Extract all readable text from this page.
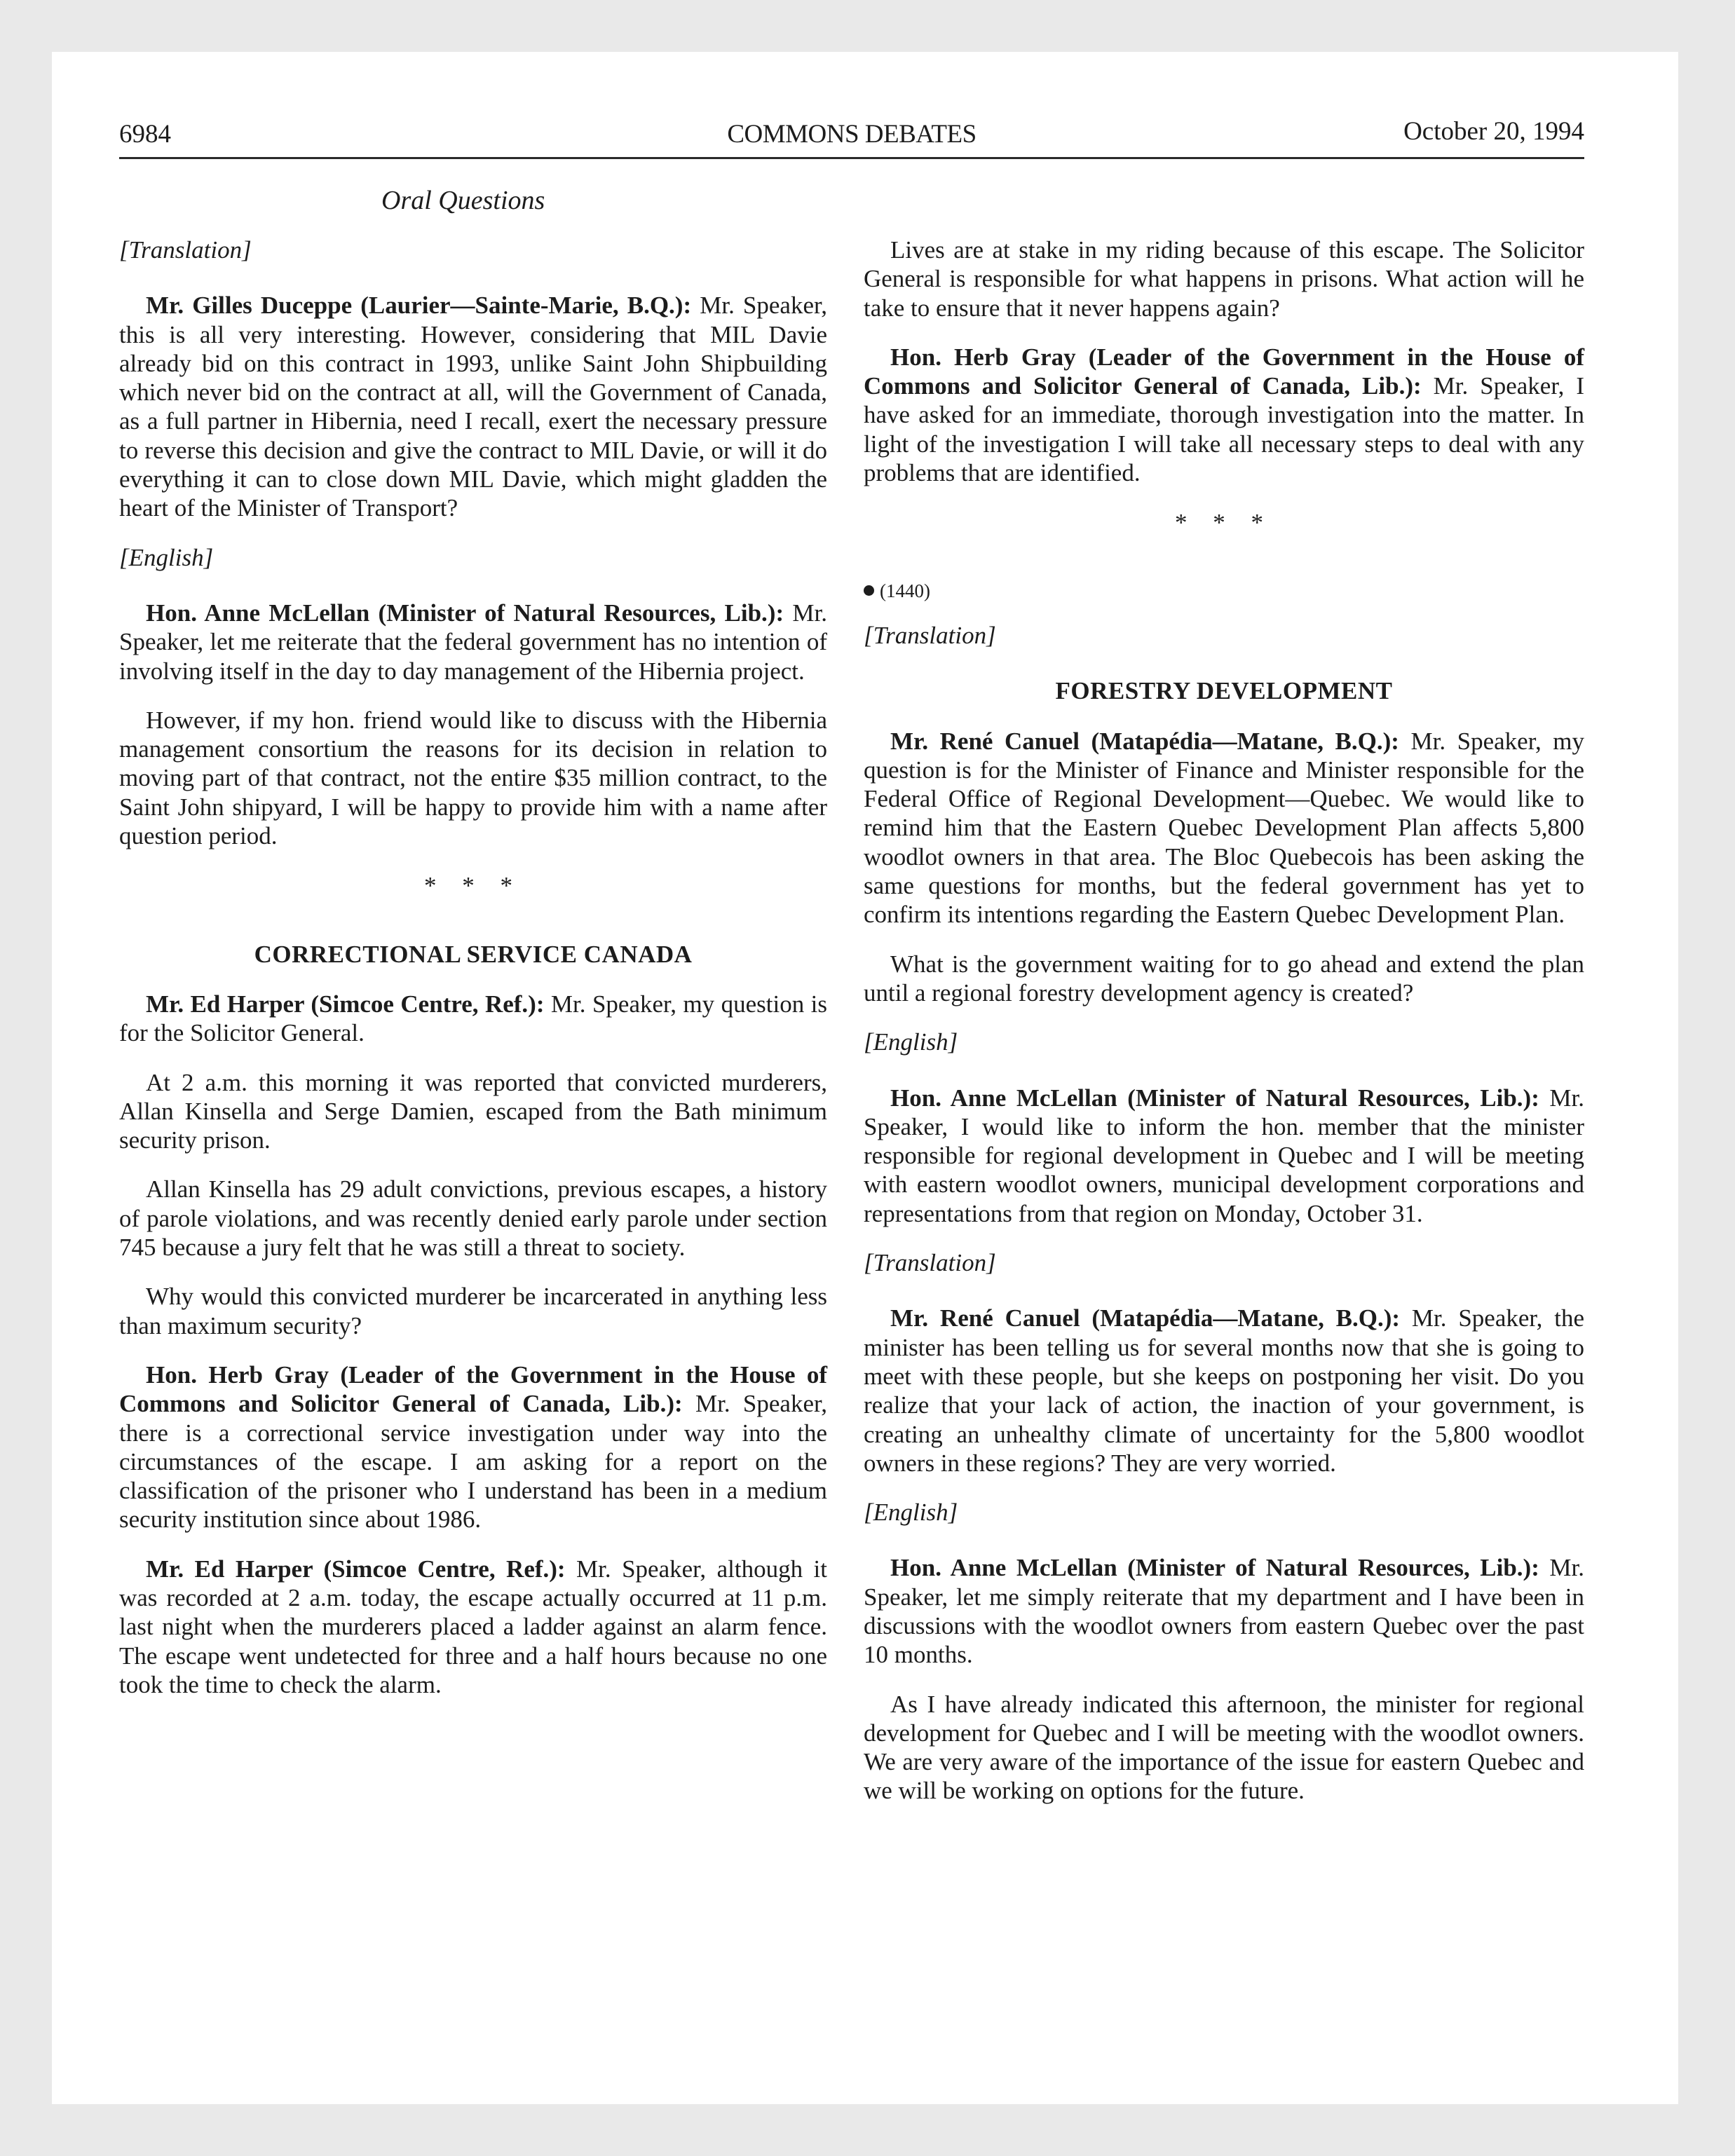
6984	COMMONS DEBATES	October 20, 1994
Oral Questions
[Translation]

Mr. Gilles Duceppe (Laurier—Sainte-Marie, B.Q.): Mr. Speaker, this is all very interesting. However, considering that MIL Davie already bid on this contract in 1993, unlike Saint John Shipbuilding which never bid on the contract at all, will the Government of Canada, as a full partner in Hibernia, need I recall, exert the necessary pressure to reverse this decision and give the contract to MIL Davie, or will it do everything it can to close down MIL Davie, which might gladden the heart of the Minister of Transport?

[English]

Hon. Anne McLellan (Minister of Natural Resources, Lib.): Mr. Speaker, let me reiterate that the federal government has no intention of involving itself in the day to day management of the Hibernia project.

However, if my hon. friend would like to discuss with the Hibernia management consortium the reasons for its decision in relation to moving part of that contract, not the entire $35 million contract, to the Saint John shipyard, I will be happy to provide him with a name after question period.

* * *
CORRECTIONAL SERVICE CANADA

Mr. Ed Harper (Simcoe Centre, Ref.): Mr. Speaker, my question is for the Solicitor General.

At 2 a.m. this morning it was reported that convicted murderers, Allan Kinsella and Serge Damien, escaped from the Bath minimum security prison.

Allan Kinsella has 29 adult convictions, previous escapes, a history of parole violations, and was recently denied early parole under section 745 because a jury felt that he was still a threat to society.

Why would this convicted murderer be incarcerated in anything less than maximum security?

Hon. Herb Gray (Leader of the Government in the House of Commons and Solicitor General of Canada, Lib.): Mr. Speaker, there is a correctional service investigation under way into the circumstances of the escape. I am asking for a report on the classification of the prisoner who I understand has been in a medium security institution since about 1986.

Mr. Ed Harper (Simcoe Centre, Ref.): Mr. Speaker, although it was recorded at 2 a.m. today, the escape actually occurred at 11 p.m. last night when the murderers placed a ladder against an alarm fence. The escape went undetected for three and a half hours because no one took the time to check the alarm.

Lives are at stake in my riding because of this escape. The Solicitor General is responsible for what happens in prisons. What action will he take to ensure that it never happens again?

Hon. Herb Gray (Leader of the Government in the House of Commons and Solicitor General of Canada, Lib.): Mr. Speaker, I have asked for an immediate, thorough investigation into the matter. In light of the investigation I will take all necessary steps to deal with any problems that are identified.

* * *
(1440)
[Translation]
FORESTRY DEVELOPMENT

Mr. René Canuel (Matapédia—Matane, B.Q.): Mr. Speaker, my question is for the Minister of Finance and Minister responsible for the Federal Office of Regional Development—Quebec. We would like to remind him that the Eastern Quebec Development Plan affects 5,800 woodlot owners in that area. The Bloc Quebecois has been asking the same questions for months, but the federal government has yet to confirm its intentions regarding the Eastern Quebec Development Plan.

What is the government waiting for to go ahead and extend the plan until a regional forestry development agency is created?

[English]

Hon. Anne McLellan (Minister of Natural Resources, Lib.): Mr. Speaker, I would like to inform the hon. member that the minister responsible for regional development in Quebec and I will be meeting with eastern woodlot owners, municipal development corporations and representations from that region on Monday, October 31.

[Translation]

Mr. René Canuel (Matapédia—Matane, B.Q.): Mr. Speaker, the minister has been telling us for several months now that she is going to meet with these people, but she keeps on postponing her visit. Do you realize that your lack of action, the inaction of your government, is creating an unhealthy climate of uncertainty for the 5,800 woodlot owners in these regions? They are very worried.

[English]

Hon. Anne McLellan (Minister of Natural Resources, Lib.): Mr. Speaker, let me simply reiterate that my department and I have been in discussions with the woodlot owners from eastern Quebec over the past 10 months.

As I have already indicated this afternoon, the minister for regional development for Quebec and I will be meeting with the woodlot owners. We are very aware of the importance of the issue for eastern Quebec and we will be working on options for the future.
